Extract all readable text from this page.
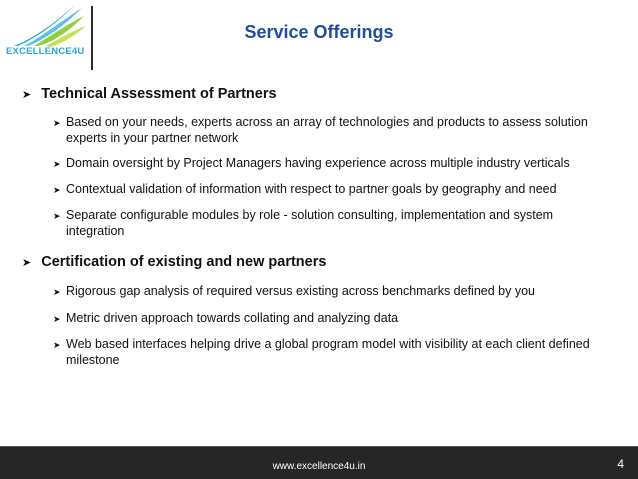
EXCELLENCE4U
Service Offerings
➤ Technical Assessment of Partners
➤ Based on your needs, experts across an array of technologies and products to assess solution experts in your partner network
➤ Domain oversight by Project Managers having experience across multiple industry verticals
➤ Contextual validation of information with respect to partner goals by geography and need
➤ Separate configurable modules by role - solution consulting, implementation and system integration
➤ Certification of existing and new partners
➤ Rigorous gap analysis of required versus existing across benchmarks defined by you
➤ Metric driven approach towards collating and analyzing data
➤ Web based interfaces helping drive a global program model with visibility at each client defined milestone
www.excellence4u.in	4
